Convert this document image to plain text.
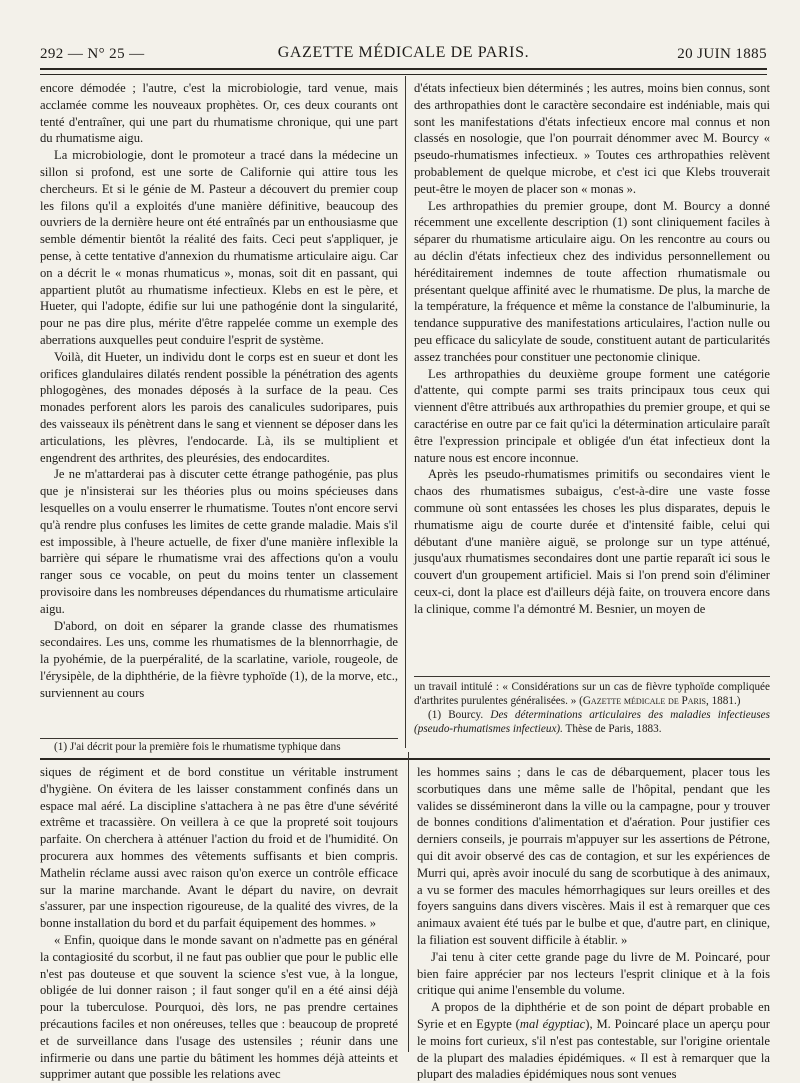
292 — N° 25 —	GAZETTE MÉDICALE DE PARIS.	20 JUIN 1885

encore démodée ; l'autre, c'est la microbiologie, tard venue, mais acclamée comme les nouveaux prophètes. Or, ces deux courants ont tenté d'entraîner, qui une part du rhumatisme chronique, qui une part du rhumatisme aigu.

La microbiologie, dont le promoteur a tracé dans la médecine un sillon si profond, est une sorte de Californie qui attire tous les chercheurs. Et si le génie de M. Pasteur a découvert du premier coup les filons qu'il a exploités d'une manière définitive, beaucoup des ouvriers de la dernière heure ont été entraînés par un enthousiasme que semble démentir bientôt la réalité des faits. Ceci peut s'appliquer, je pense, à cette tentative d'annexion du rhumatisme articulaire aigu. Car on a décrit le « monas rhumaticus », monas, soit dit en passant, qui appartient plutôt au rhumatisme infectieux. Klebs en est le père, et Hueter, qui l'adopte, édifie sur lui une pathogénie dont la singularité, pour ne pas dire plus, mérite d'être rappelée comme un exemple des aberrations auxquelles peut conduire l'esprit de système.

Voilà, dit Hueter, un individu dont le corps est en sueur et dont les orifices glandulaires dilatés rendent possible la pénétration des agents phlogogènes, des monades déposés à la surface de la peau. Ces monades perforent alors les parois des canalicules sudoripares, puis des vaisseaux ils pénètrent dans le sang et viennent se déposer dans les articulations, les plèvres, l'endocarde. Là, ils se multiplient et engendrent des arthrites, des pleurésies, des endocardites.

Je ne m'attarderai pas à discuter cette étrange pathogénie, pas plus que je n'insisterai sur les théories plus ou moins spécieuses dans lesquelles on a voulu enserrer le rhumatisme. Toutes n'ont encore servi qu'à rendre plus confuses les limites de cette grande maladie. Mais s'il est impossible, à l'heure actuelle, de fixer d'une manière inflexible la barrière qui sépare le rhumatisme vrai des affections qu'on a voulu ranger sous ce vocable, on peut du moins tenter un classement provisoire dans les nombreuses dépendances du rhumatisme articulaire aigu.

D'abord, on doit en séparer la grande classe des rhumatismes secondaires. Les uns, comme les rhumatismes de la blennorrhagie, de la pyohémie, de la puerpéralité, de la scarlatine, variole, rougeole, de l'érysipèle, de la diphthérie, de la fièvre typhoïde (1), de la morve, etc., surviennent au cours

(1) J'ai décrit pour la première fois le rhumatisme typhique dans

d'états infectieux bien déterminés ; les autres, moins bien connus, sont des arthropathies dont le caractère secondaire est indéniable, mais qui sont les manifestations d'états infectieux encore mal connus et non classés en nosologie, que l'on pourrait dénommer avec M. Bourcy « pseudo-rhumatismes infectieux. » Toutes ces arthropathies relèvent probablement de quelque microbe, et c'est ici que Klebs trouverait peut-être le moyen de placer son « monas ».

Les arthropathies du premier groupe, dont M. Bourcy a donné récemment une excellente description (1) sont cliniquement faciles à séparer du rhumatisme articulaire aigu. On les rencontre au cours ou au déclin d'états infectieux chez des individus personnellement ou héréditairement indemnes de toute affection rhumatismale ou présentant quelque affinité avec le rhumatisme. De plus, la marche de la température, la fréquence et même la constance de l'albuminurie, la tendance suppurative des manifestations articulaires, l'action nulle ou peu efficace du salicylate de soude, constituent autant de particularités assez tranchées pour constituer une pectonomie clinique.

Les arthropathies du deuxième groupe forment une catégorie d'attente, qui compte parmi ses traits principaux tous ceux qui viennent d'être attribués aux arthropathies du premier groupe, et qui se caractérise en outre par ce fait qu'ici la détermination articulaire paraît être l'expression principale et obligée d'un état infectieux dont la nature nous est encore inconnue.

Après les pseudo-rhumatismes primitifs ou secondaires vient le chaos des rhumatismes subaigus, c'est-à-dire une vaste fosse commune où sont entassées les choses les plus disparates, depuis le rhumatisme aigu de courte durée et d'intensité faible, celui qui débutant d'une manière aiguë, se prolonge sur un type atténué, jusqu'aux rhumatismes secondaires dont une partie reparaît ici sous le couvert d'un groupement artificiel. Mais si l'on prend soin d'éliminer ceux-ci, dont la place est d'ailleurs déjà faite, on trouvera encore dans la clinique, comme l'a démontré M. Besnier, un moyen de

un travail intitulé : « Considérations sur un cas de fièvre typhoïde compliquée d'arthrites purulentes généralisées. » (Gazette médicale de Paris, 1881.)

(1) Bourcy. Des déterminations articulaires des maladies infectieuses (pseudo-rhumatismes infectieux). Thèse de Paris, 1883.

siques de régiment et de bord constitue un véritable instrument d'hygiène. On évitera de les laisser constamment confinés dans un espace mal aéré. La discipline s'attachera à ne pas être d'une sévérité extrême et tracassière. On veillera à ce que la propreté soit toujours parfaite. On cherchera à atténuer l'action du froid et de l'humidité. On procurera aux hommes des vêtements suffisants et bien compris. Mathelin réclame aussi avec raison qu'on exerce un contrôle efficace sur la marine marchande. Avant le départ du navire, on devrait s'assurer, par une inspection rigoureuse, de la qualité des vivres, de la bonne installation du bord et du parfait équipement des hommes. »

« Enfin, quoique dans le monde savant on n'admette pas en général la contagiosité du scorbut, il ne faut pas oublier que pour le public elle n'est pas douteuse et que souvent la science s'est vue, à la longue, obligée de lui donner raison ; il faut songer qu'il en a été ainsi déjà pour la tuberculose. Pourquoi, dès lors, ne pas prendre certaines précautions faciles et non onéreuses, telles que : beaucoup de propreté et de surveillance dans l'usage des ustensiles ; réunir dans une infirmerie ou dans une partie du bâtiment les hommes déjà atteints et supprimer autant que possible les relations avec

les hommes sains ; dans le cas de débarquement, placer tous les scorbutiques dans une même salle de l'hôpital, pendant que les valides se dissémineront dans la ville ou la campagne, pour y trouver de bonnes conditions d'alimentation et d'aération. Pour justifier ces derniers conseils, je pourrais m'appuyer sur les assertions de Pétrone, qui dit avoir observé des cas de contagion, et sur les expériences de Murri qui, après avoir inoculé du sang de scorbutique à des animaux, a vu se former des macules hémorrhagiques sur leurs oreilles et des foyers sanguins dans divers viscères. Mais il est à remarquer que ces animaux avaient été tués par le bulbe et que, d'autre part, en clinique, la filiation est souvent difficile à établir. »

J'ai tenu à citer cette grande page du livre de M. Poincaré, pour bien faire apprécier par nos lecteurs l'esprit clinique et à la fois critique qui anime l'ensemble du volume.

A propos de la diphthérie et de son point de départ probable en Syrie et en Egypte (mal égyptiac), M. Poincaré place un aperçu pour le moins fort curieux, s'il n'est pas contestable, sur l'origine orientale de la plupart des maladies épidémiques. « Il est à remarquer que la plupart des maladies épidémiques nous sont venues
